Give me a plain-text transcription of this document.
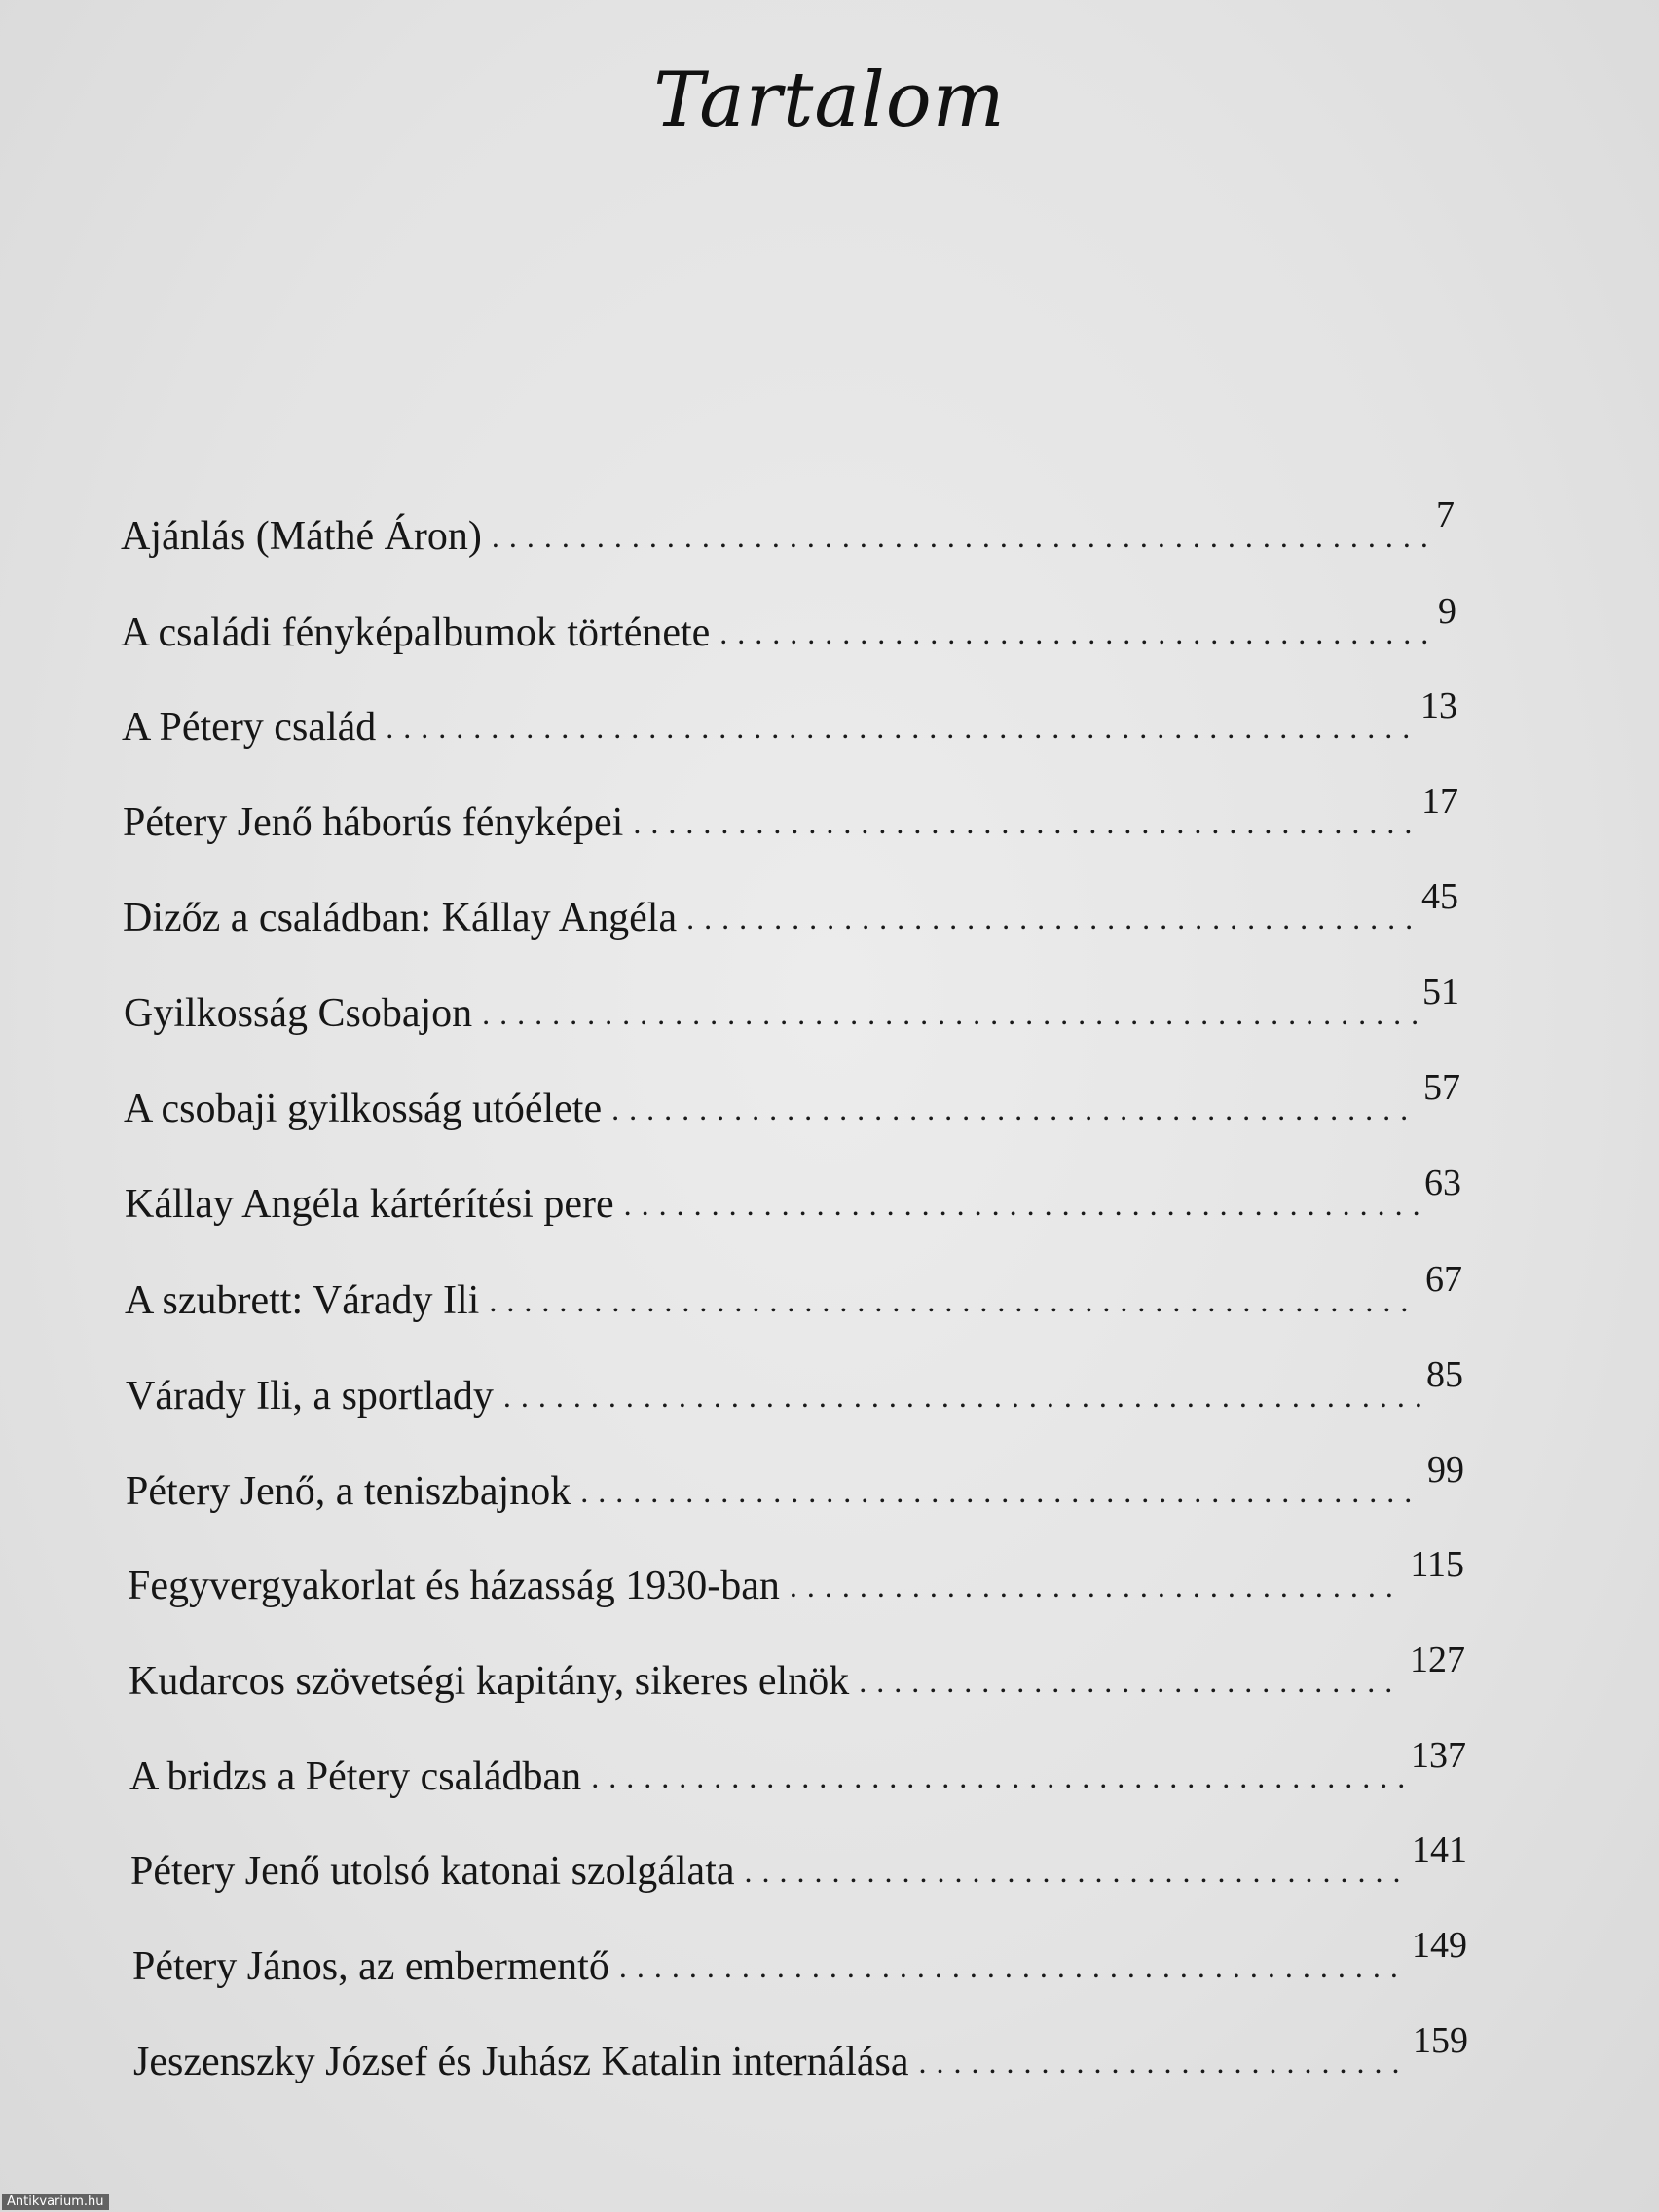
Tartalom
Ajánlás (Máthé Áron) . . .	7
A családi fényképalbumok története . . .	9
A Pétery család . . .	13
Pétery Jenő háborús fényképei . . .	17
Dizőz a családban: Kállay Angéla . . .	45
Gyilkosság Csobajon . . .	51
A csobaji gyilkosság utóélete . . .	57
Kállay Angéla kártérítési pere . . .	63
A szubrett: Várady Ili . . .	67
Várady Ili, a sportlady . . .	85
Pétery Jenő, a teniszbajnok . . .	99
Fegyvergyakorlat és házasság 1930-ban . . .	115
Kudarcos szövetségi kapitány, sikeres elnök . . .	127
A bridzs a Pétery családban . . .	137
Pétery Jenő utolsó katonai szolgálata . . .	141
Pétery János, az embermentő . . .	149
Jeszenszky József és Juhász Katalin internálása . . .	159
Antikvarium.hu
